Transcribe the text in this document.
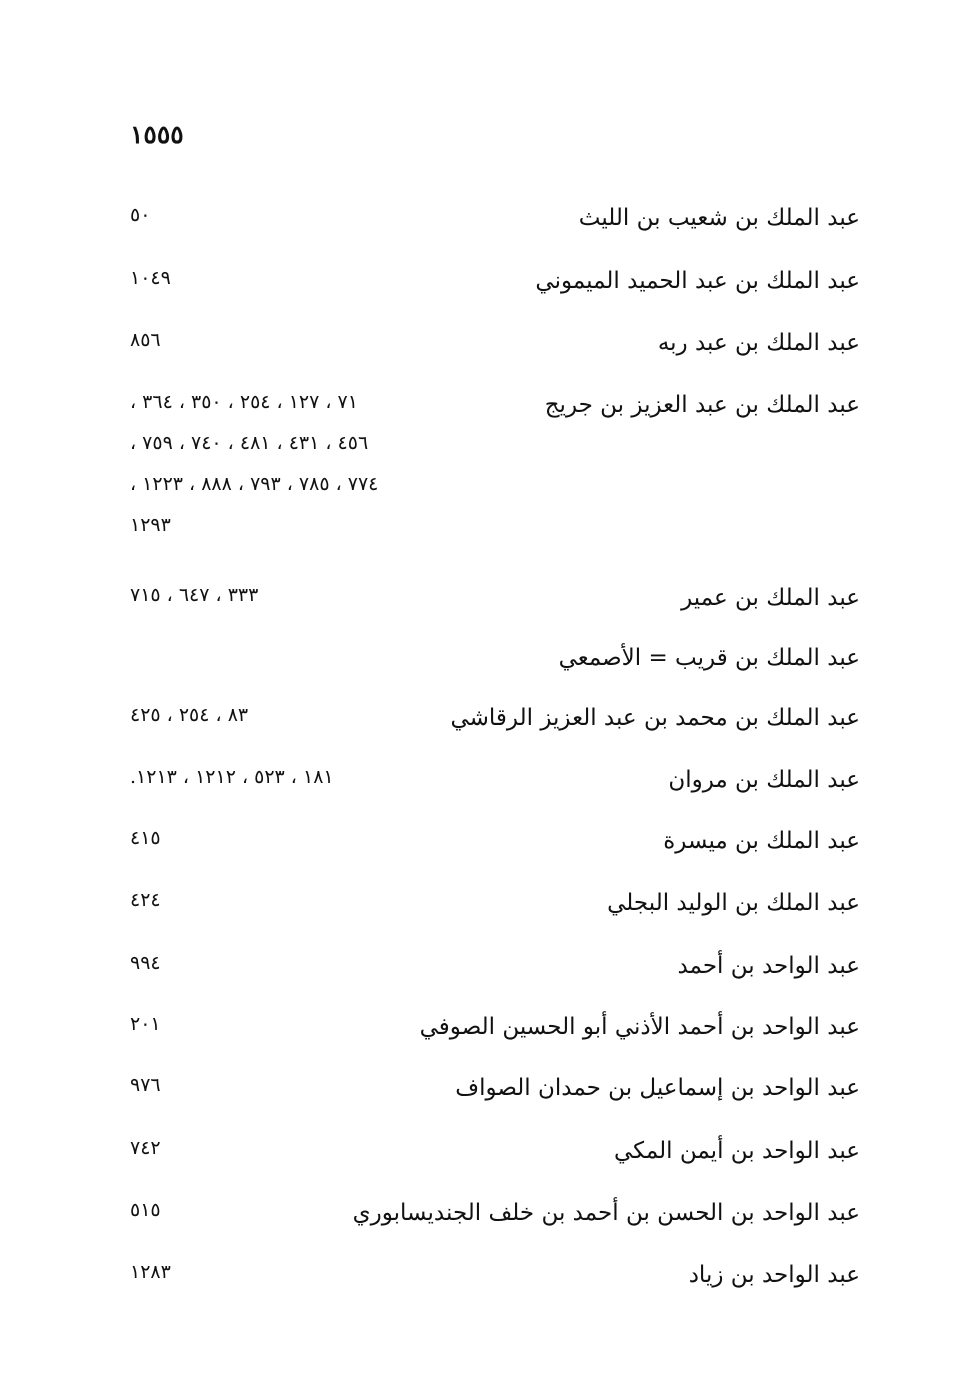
١٥٥٥
عبد الملك بن شعيب بن الليث
٥٠
عبد الملك بن عبد الحميد الميموني
١٠٤٩
عبد الملك بن عبد ربه
٨٥٦
عبد الملك بن عبد العزيز بن جريج
٧١ ، ١٢٧ ، ٢٥٤ ، ٣٥٠ ، ٣٦٤ ،
٤٥٦ ، ٤٣١ ، ٤٨١ ، ٧٤٠ ، ٧٥٩ ،
٧٧٤ ، ٧٨٥ ، ٧٩٣ ، ٨٨٨ ، ١٢٢٣ ،
١٢٩٣
عبد الملك بن عمير
٣٣٣ ، ٦٤٧ ، ٧١٥
عبد الملك بن قريب = الأصمعي
عبد الملك بن محمد بن عبد العزيز الرقاشي
٨٣ ، ٢٥٤ ، ٤٢٥
عبد الملك بن مروان
١٨١ ، ٥٢٣ ، ١٢١٢ ، ١٢١٣.
عبد الملك بن ميسرة
٤١٥
عبد الملك بن الوليد البجلي
٤٢٤
عبد الواحد بن أحمد
٩٩٤
عبد الواحد بن أحمد الأذني أبو الحسين الصوفي
٢٠١
عبد الواحد بن إسماعيل بن حمدان الصواف
٩٧٦
عبد الواحد بن أيمن المكي
٧٤٢
عبد الواحد بن الحسن بن أحمد بن خلف الجنديسابوري
٥١٥
عبد الواحد بن زياد
١٢٨٣
